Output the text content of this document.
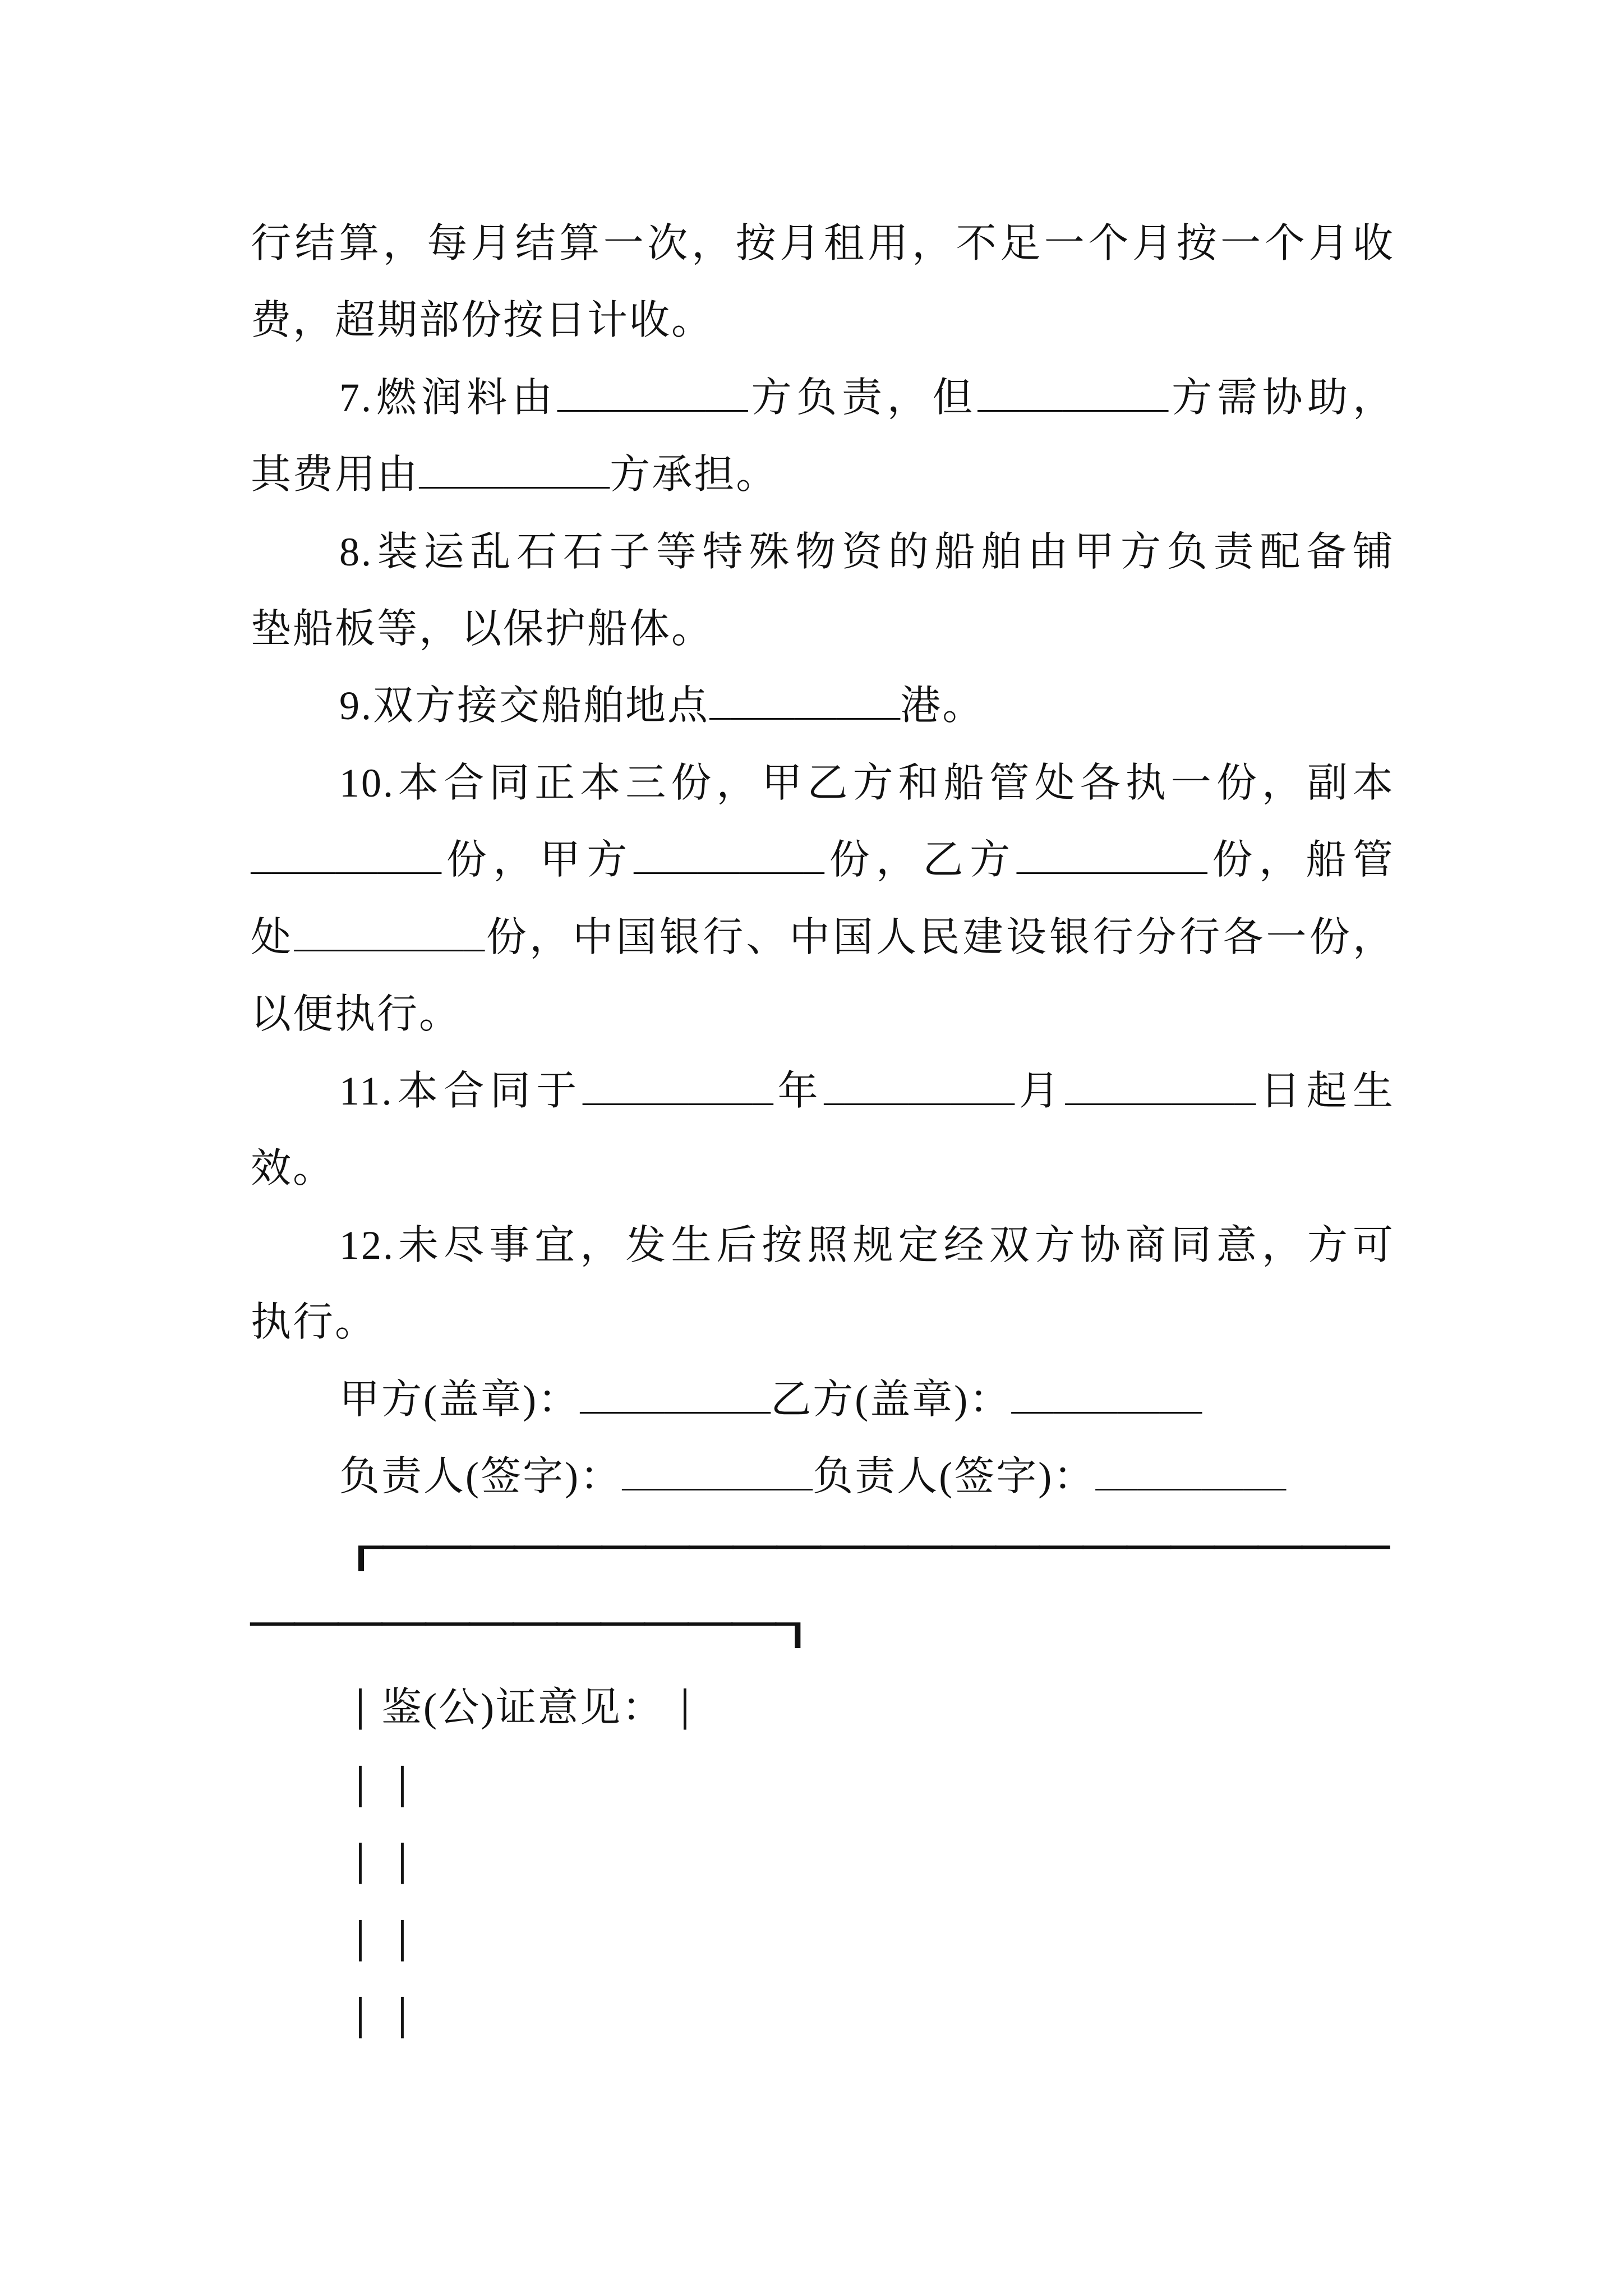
行结算，每月结算一次，按月租用，不足一个月按一个月收
费，超期部份按日计收。
7.燃润料由_________方负责，但_________方需协助，
其费用由_________方承担。
8.装运乱石石子等特殊物资的船舶由甲方负责配备铺
垫船板等，以保护船体。
9.双方接交船舶地点_________港。
10.本合同正本三份，甲乙方和船管处各执一份，副本
_________份，甲方_________份，乙方_________份，船管
处_________份，中国银行、中国人民建设银行分行各一份，
以便执行。
11.本合同于_________年_________月_________日起生
效。
12.未尽事宜，发生后按照规定经双方协商同意，方可
执行。
甲方(盖章)：_________乙方(盖章)：_________
负责人(签字)：_________负责人(签字)：_________
┌───────────────────────
────────────┐
│ 鉴(公)证意见： │
│ │
│ │
│ │
│ │
